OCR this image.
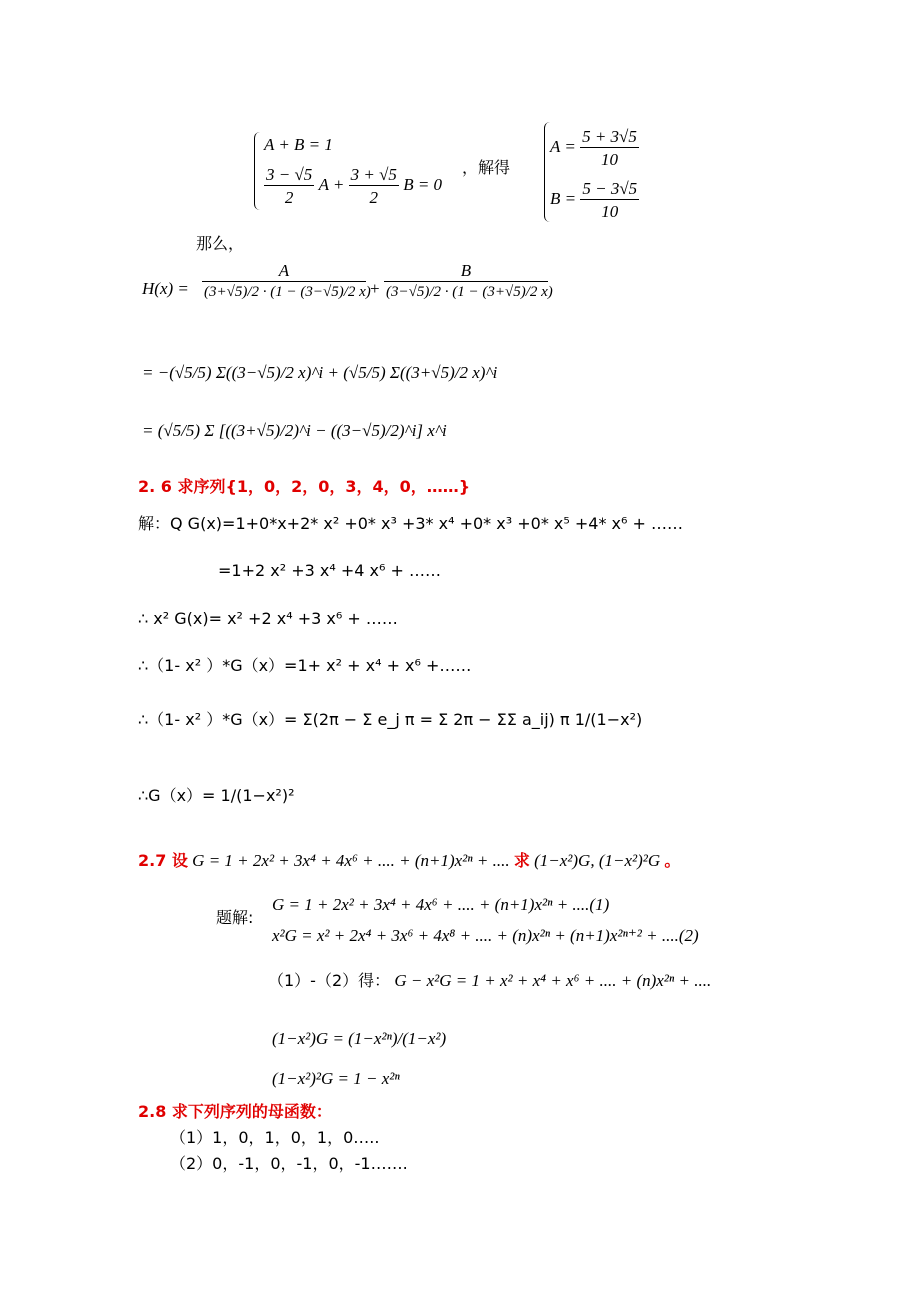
A + B = 1
$\frac{3 - √5}{2}$ $A + \frac{3 + √5}{2}$ B = 0
，解得
$A = \frac{5 + 3√5}{10}$
$B = \frac{5 - 3√5}{10}$
那么，
$H(x) = \frac{A}{(3+√5)/2 \cdot (1 - (3-√5)/2 x)}$
+ $\frac{B}{(3-√5)/2 \cdot (1 - (3+√5)/2 x)}$
= −(√5/5) Σ((3−√5)/2 x)^i + (√5/5) Σ((3+√5)/2 x)^i
= (√5/5) Σ [((3+√5)/2)^i − ((3−√5)/2)^i] x^i
2. 6 求序列{1，0，2，0，3，4，0，……}
解：Q G(x)=1+0*x+2* x² +0* x³ +3* x⁴ +0* x³ +0* x⁵ +4* x⁶ + ……
=1+2 x² +3 x⁴ +4 x⁶ + ……
∴ x² G(x)= x² +2 x⁴ +3 x⁶ + ……
∴（1- x² ）*G（x）=1+ x² + x⁴ + x⁶ +……
∴（1- x² ）*G（x）= Σ(2π − Σ e_j π = Σ 2π − ΣΣ a_ij) π 1/(1−x²)
∴G（x）= 1/(1−x²)²
2.7 设 G = 1 + 2x² + 3x⁴ + 4x⁶ + .... + (n+1)x²ⁿ + .... 求 (1−x²)G, (1−x²)²G 。
题解:
G = 1 + 2x² + 3x⁴ + 4x⁶ + .... + (n+1)x²ⁿ + ....(1)
x²G = x² + 2x⁴ + 3x⁶ + 4x⁸ + .... + (n)x²ⁿ + (n+1)x²ⁿ⁺² + ....(2)
（1）-（2）得： G − x²G = 1 + x² + x⁴ + x⁶ + .... + (n)x²ⁿ + ....
(1−x²)G = (1−x²ⁿ)/(1−x²)
(1−x²)²G = 1 − x²ⁿ
2.8 求下列序列的母函数：
（1）1，0，1，0，1，0…..
（2）0，-1，0，-1，0，-1…….
